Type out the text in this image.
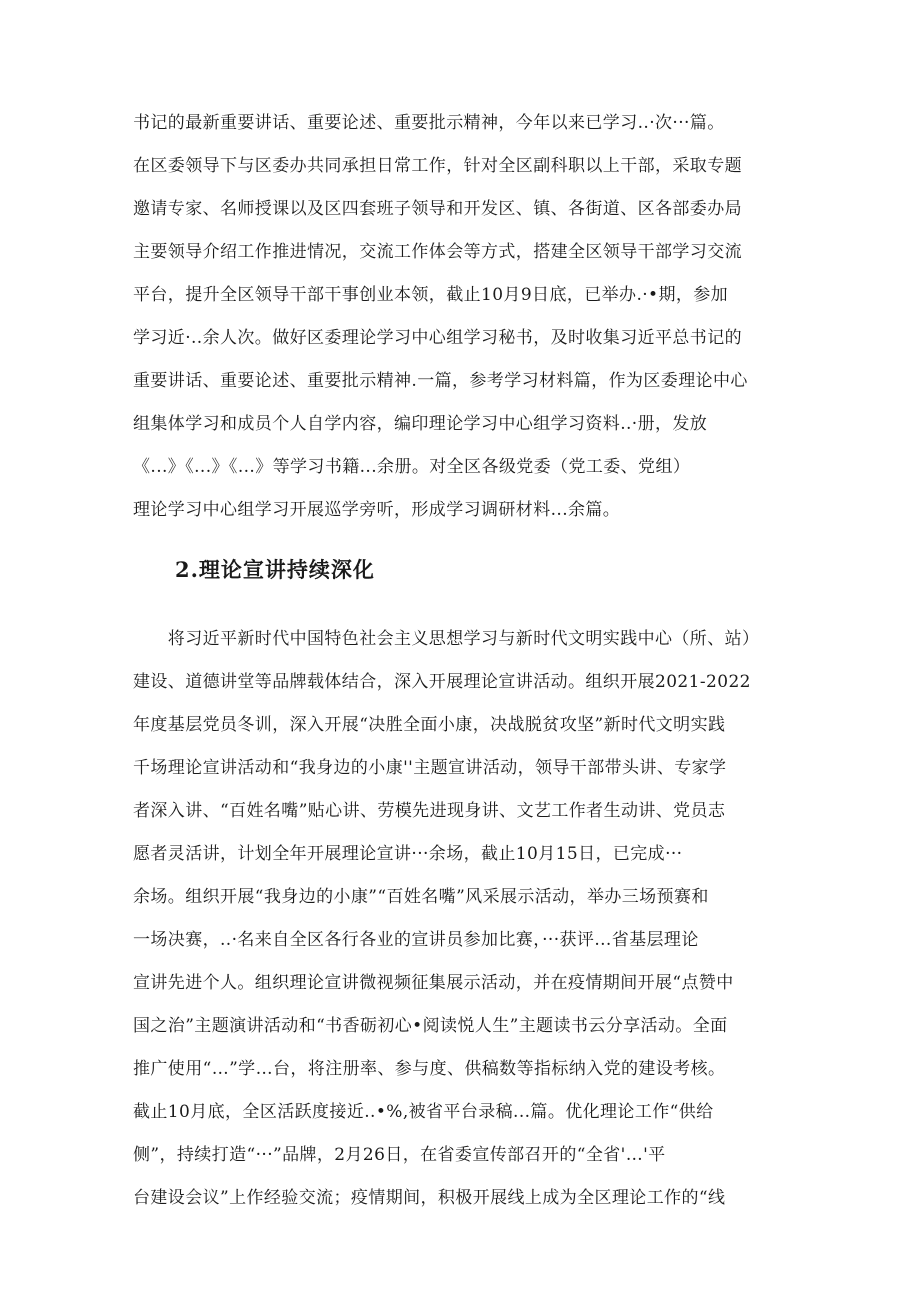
书记的最新重要讲话、重要论述、重要批示精神，今年以来已学习..·次···篇。
在区委领导下与区委办共同承担日常工作，针对全区副科职以上干部，采取专题
邀请专家、名师授课以及区四套班子领导和开发区、镇、各街道、区各部委办局
主要领导介绍工作推进情况，交流工作体会等方式，搭建全区领导干部学习交流
平台，提升全区领导干部干事创业本领，截止10月9日底，已举办.·•期，参加
学习近·..余人次。做好区委理论学习中心组学习秘书，及时收集习近平总书记的
重要讲话、重要论述、重要批示精神.一篇，参考学习材料篇，作为区委理论中心
组集体学习和成员个人自学内容，编印理论学习中心组学习资料..·册，发放
《...》《...》《...》等学习书籍...余册。对全区各级党委（党工委、党组）
理论学习中心组学习开展巡学旁听，形成学习调研材料...余篇。
2.理论宣讲持续深化
　　将习近平新时代中国特色社会主义思想学习与新时代文明实践中心（所、站）
建设、道德讲堂等品牌载体结合，深入开展理论宣讲活动。组织开展2021-2022
年度基层党员冬训，深入开展“决胜全面小康，决战脱贫攻坚”新时代文明实践
千场理论宣讲活动和“我身边的小康''主题宣讲活动，领导干部带头讲、专家学
者深入讲、“百姓名嘴”贴心讲、劳模先进现身讲、文艺工作者生动讲、党员志
愿者灵活讲，计划全年开展理论宣讲···余场，截止10月15日，已完成···
余场。组织开展“我身边的小康”“百姓名嘴”风采展示活动，举办三场预赛和
一场决赛，..·名来自全区各行各业的宣讲员参加比赛，···获评...省基层理论
宣讲先进个人。组织理论宣讲微视频征集展示活动，并在疫情期间开展“点赞中
国之治”主题演讲活动和“书香砺初心•阅读悦人生”主题读书云分享活动。全面
推广使用“…”学…台，将注册率、参与度、供稿数等指标纳入党的建设考核。
截止10月底，全区活跃度接近..•%,被省平台录稿...篇。优化理论工作“供给
侧”，持续打造“···”品牌，2月26日，在省委宣传部召开的“全省'…'平
台建设会议”上作经验交流；疫情期间，积极开展线上成为全区理论工作的“线
